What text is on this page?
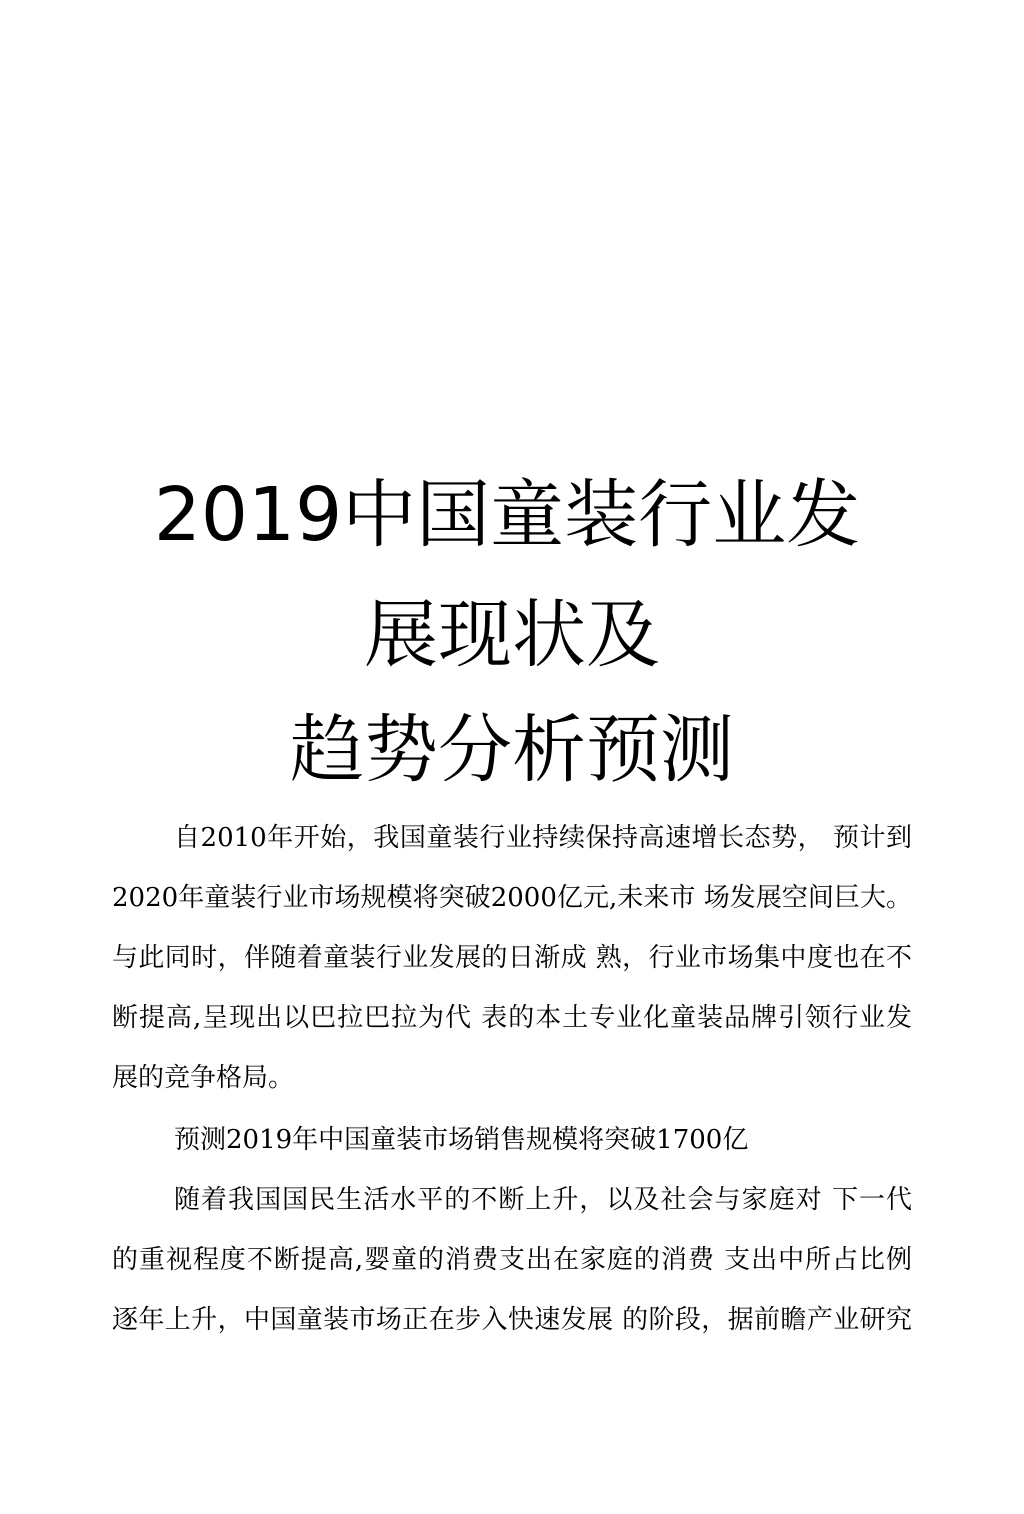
2019中国童装行业发
展现状及
趋势分析预测
自2010年开始，我国童装行业持续保持高速增长态势， 预计到
2020年童装行业市场规模将突破2000亿元,未来市 场发展空间巨大。
与此同时，伴随着童装行业发展的日渐成 熟，行业市场集中度也在不
断提高,呈现出以巴拉巴拉为代 表的本土专业化童装品牌引领行业发
展的竞争格局。
预测2019年中国童装市场销售规模将突破1700亿
随着我国国民生活水平的不断上升，以及社会与家庭对 下一代
的重视程度不断提高,婴童的消费支出在家庭的消费 支出中所占比例
逐年上升，中国童装市场正在步入快速发展 的阶段，据前瞻产业研究
